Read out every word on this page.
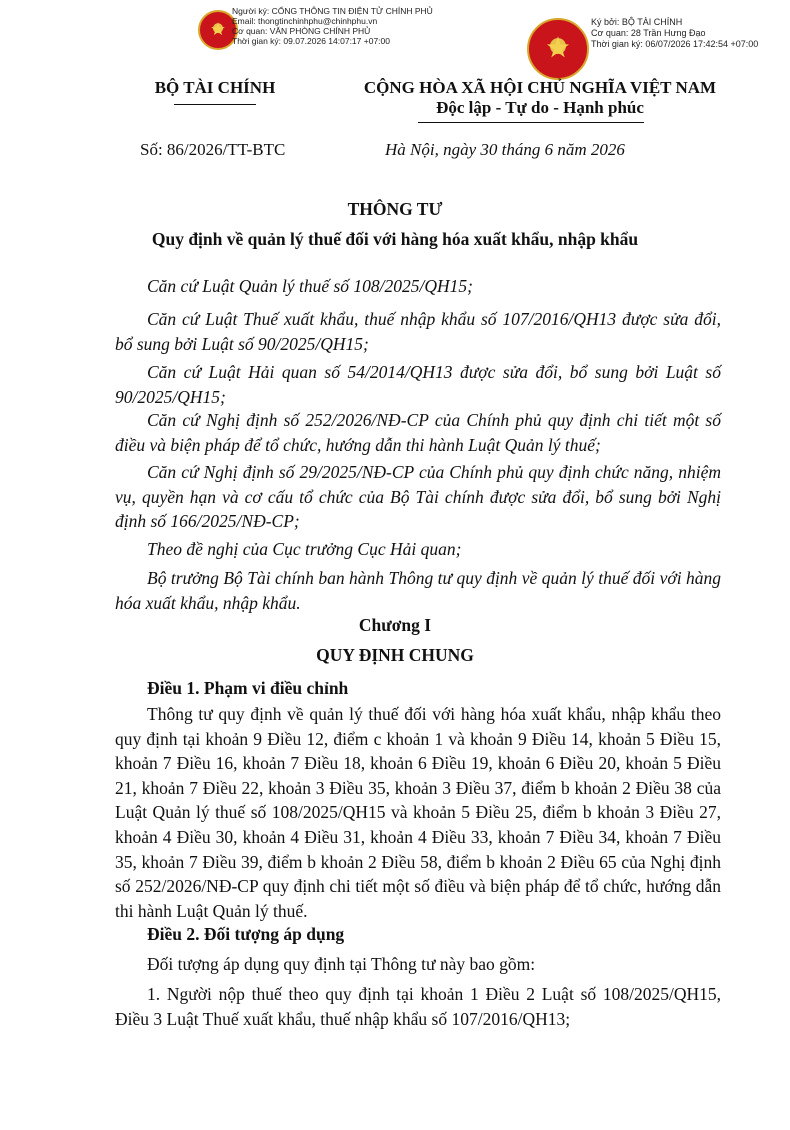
Người ký: CỔNG THÔNG TIN ĐIỆN TỬ CHÍNH PHỦ
Email: thongtinchinhphu@chinhphu.vn
Cơ quan: VĂN PHÒNG CHÍNH PHỦ
Thời gian ký: 09.07.2026 14:07:17 +07:00
Ký bởi: BỘ TÀI CHÍNH
Cơ quan: 28 Trần Hưng Đạo
Thời gian ký: 06/07/2026 17:42:54 +07:00
BỘ TÀI CHÍNH	CỘNG HÒA XÃ HỘI CHỦ NGHĨA VIỆT NAM
Độc lập - Tự do - Hạnh phúc
Số: 86/2026/TT-BTC	Hà Nội, ngày 30 tháng 6 năm 2026
THÔNG TƯ
Quy định về quản lý thuế đối với hàng hóa xuất khẩu, nhập khẩu
Căn cứ Luật Quản lý thuế số 108/2025/QH15;
Căn cứ Luật Thuế xuất khẩu, thuế nhập khẩu số 107/2016/QH13 được sửa đổi, bổ sung bởi Luật số 90/2025/QH15;
Căn cứ Luật Hải quan số 54/2014/QH13 được sửa đổi, bổ sung bởi Luật số 90/2025/QH15;
Căn cứ Nghị định số 252/2026/NĐ-CP của Chính phủ quy định chi tiết một số điều và biện pháp để tổ chức, hướng dẫn thi hành Luật Quản lý thuế;
Căn cứ Nghị định số 29/2025/NĐ-CP của Chính phủ quy định chức năng, nhiệm vụ, quyền hạn và cơ cấu tổ chức của Bộ Tài chính được sửa đổi, bổ sung bởi Nghị định số 166/2025/NĐ-CP;
Theo đề nghị của Cục trưởng Cục Hải quan;
Bộ trưởng Bộ Tài chính ban hành Thông tư quy định về quản lý thuế đối với hàng hóa xuất khẩu, nhập khẩu.
Chương I
QUY ĐỊNH CHUNG
Điều 1. Phạm vi điều chỉnh
Thông tư quy định về quản lý thuế đối với hàng hóa xuất khẩu, nhập khẩu theo quy định tại khoản 9 Điều 12, điểm c khoản 1 và khoản 9 Điều 14, khoản 5 Điều 15, khoản 7 Điều 16, khoản 7 Điều 18, khoản 6 Điều 19, khoản 6 Điều 20, khoản 5 Điều 21, khoản 7 Điều 22, khoản 3 Điều 35, khoản 3 Điều 37, điểm b khoản 2 Điều 38 của Luật Quản lý thuế số 108/2025/QH15 và khoản 5 Điều 25, điểm b khoản 3 Điều 27, khoản 4 Điều 30, khoản 4 Điều 31, khoản 4 Điều 33, khoản 7 Điều 34, khoản 7 Điều 35, khoản 7 Điều 39, điểm b khoản 2 Điều 58, điểm b khoản 2 Điều 65 của Nghị định số 252/2026/NĐ-CP quy định chi tiết một số điều và biện pháp để tổ chức, hướng dẫn thi hành Luật Quản lý thuế.
Điều 2. Đối tượng áp dụng
Đối tượng áp dụng quy định tại Thông tư này bao gồm:
1. Người nộp thuế theo quy định tại khoản 1 Điều 2 Luật số 108/2025/QH15, Điều 3 Luật Thuế xuất khẩu, thuế nhập khẩu số 107/2016/QH13;
